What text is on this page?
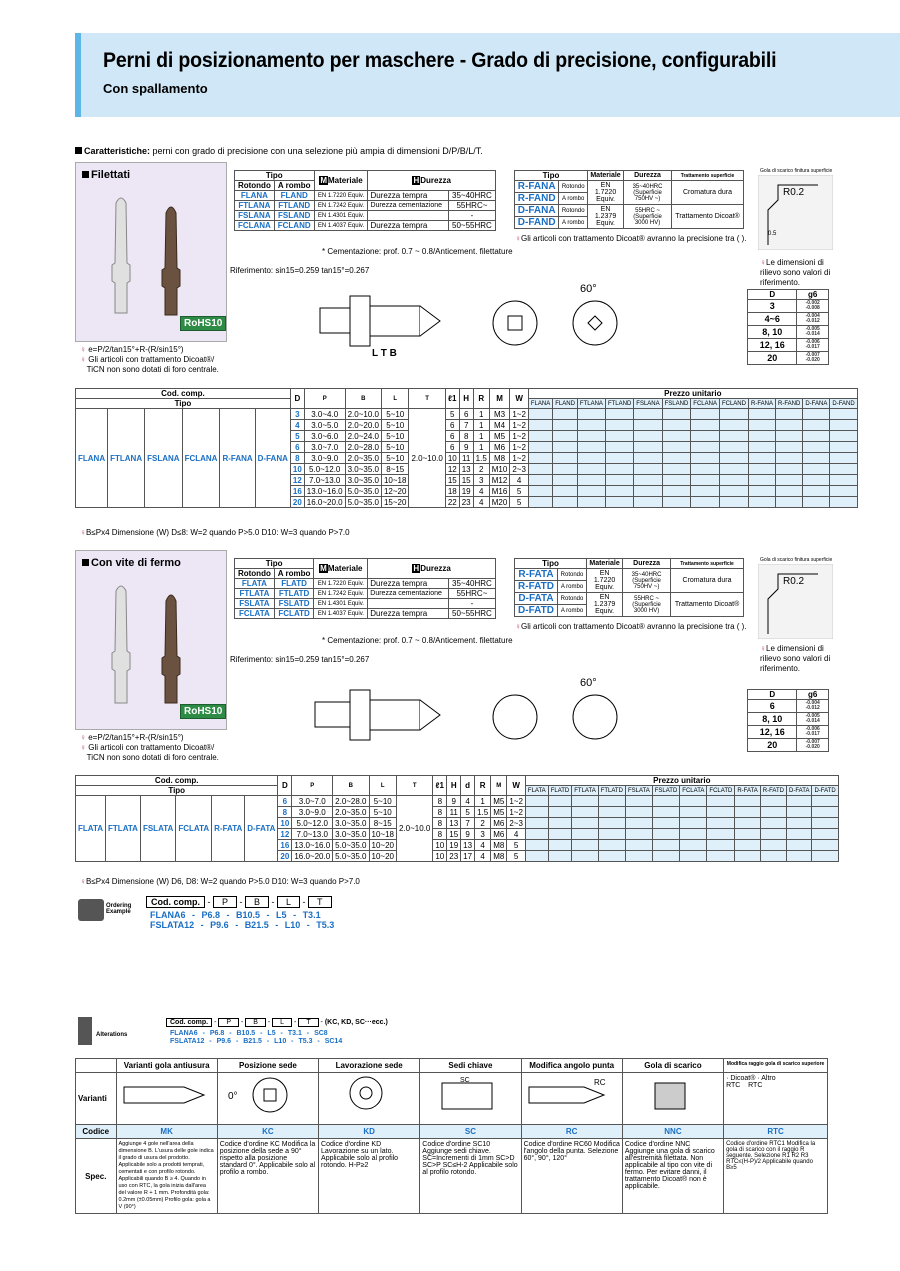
Perni di posizionamento per maschere - Grado di precisione, configurabili
Con spallamento
Caratteristiche: perni con grado di precisione con una selezione più ampia di dimensioni D/P/B/L/T.
Filettati
RoHS10
♀ e=P/2/tan15°+R-(R/sin15°)
♀ Gli articoli con trattamento Dicoat®/
TiCN non sono dotati di foro centrale.
Tipo		MMateriale	HDurezza	
Rotondo	A rombo			
FLANA	FLAND	EN 1.7220 Equiv.	Durezza tempra	35~40HRC
FTLANA	FTLAND	EN 1.7242 Equiv.	Durezza cementazione	55HRC~
FSLANA	FSLAND	EN 1.4301 Equiv.		-
FCLANA	FCLAND	EN 1.4037 Equiv.	Durezza tempra	50~55HRC
* Cementazione: prof. 0.7 ~ 0.8/Anticement. filettature
Tipo		Materiale	Durezza	Trattamento superficie
R-FANA	Rotondo	EN 1.7220 Equiv.	35~40HRC (Superficie 750HV ~)	Cromatura dura
R-FAND	A rombo			
D-FANA	Rotondo	EN 1.2379 Equiv.	55HRC ~ (Superficie 3000 HV)	Trattamento Dicoat®
D-FAND	A rombo			
♀Gli articoli con trattamento Dicoat® avranno la precisione tra ( ).
Gola di scarico finitura superficie
R0.2
0.5
♀Le dimensioni di rilievo sono valori di riferimento.
D	g6
3	-0.002
-0.008

4~6	-0.004
-0.012

8, 10	-0.005
-0.014

12, 16	-0.006
-0.017

20	-0.007
-0.020
Riferimento: sin15=0.259 tan15°=0.267
L T B
60°
Cod. comp.						D	P	B	L	T	ℓ1	H	R	M	W	Prezzo unitario											
Tipo																FLANA	FLAND	FTLANA	FTLAND	FSLANA	FSLAND	FCLANA	FCLAND	R-FANA	R-FAND	D-FANA	D-FAND
FLANA	FTLANA	FSLANA	FCLANA	R-FANA	D-FANA	3	3.0~4.0	2.0~10.0	5~10	2.0~10.0	5	6	1	M3	1~2												
						4	3.0~5.0	2.0~20.0	5~10		6	7	1	M4	1~2												
						5	3.0~6.0	2.0~24.0	5~10		6	8	1	M5	1~2												
						6	3.0~7.0	2.0~28.0	5~10		6	9	1	M6	1~2												
						8	3.0~9.0	2.0~35.0	5~10		10	11	1.5	M8	1~2												
						10	5.0~12.0	3.0~35.0	8~15		12	13	2	M10	2~3												
						12	7.0~13.0	3.0~35.0	10~18		15	15	3	M12	4												
						16	13.0~16.0	5.0~35.0	12~20		18	19	4	M16	5												
						20	16.0~20.0	5.0~35.0	15~20		22	23	4	M20	5												
♀B≤Px4 Dimensione (W) D≤8: W=2 quando P>5.0 D10: W=3 quando P>7.0
Con vite di fermo
RoHS10
♀ e=P/2/tan15°+R-(R/sin15°)
♀ Gli articoli con trattamento Dicoat®/
TiCN non sono dotati di foro centrale.
Tipo		MMateriale	HDurezza	
Rotondo	A rombo			
FLATA	FLATD	EN 1.7220 Equiv.	Durezza tempra	35~40HRC
FTLATA	FTLATD	EN 1.7242 Equiv.	Durezza cementazione	55HRC~
FSLATA	FSLATD	EN 1.4301 Equiv.		-
FCLATA	FCLATD	EN 1.4037 Equiv.	Durezza tempra	50~55HRC
* Cementazione: prof. 0.7 ~ 0.8/Anticement. filettature
Tipo		Materiale	Durezza	Trattamento superficie
R-FATA	Rotondo	EN 1.7220 Equiv.	35~40HRC (Superficie 750HV ~)	Cromatura dura
R-FATD	A rombo			
D-FATA	Rotondo	EN 1.2379 Equiv.	55HRC ~ (Superficie 3000 HV)	Trattamento Dicoat®
D-FATD	A rombo			
♀Gli articoli con trattamento Dicoat® avranno la precisione tra ( ).
Gola di scarico finitura superficie
R0.2
♀Le dimensioni di rilievo sono valori di riferimento.
D	g6
6	-0.004
-0.012

8, 10	-0.005
-0.014

12, 16	-0.006
-0.017

20	-0.007
-0.020
Riferimento: sin15=0.259 tan15°=0.267
60°
Cod. comp.						D	P	B	L	T	ℓ1	H	d	R	M	W	Prezzo unitario											
Tipo																	FLATA	FLATD	FTLATA	FTLATD	FSLATA	FSLATD	FCLATA	FCLATD	R-FATA	R-FATD	D-FATA	D-FATD
FLATA	FTLATA	FSLATA	FCLATA	R-FATA	D-FATA	6	3.0~7.0	2.0~28.0	5~10	2.0~10.0	8	9	4	1	M5	1~2												
						8	3.0~9.0	2.0~35.0	5~10		8	11	5	1.5	M5	1~2												
						10	5.0~12.0	3.0~35.0	8~15		8	13	7	2	M6	2~3												
						12	7.0~13.0	3.0~35.0	10~18		8	15	9	3	M6	4												
						16	13.0~16.0	5.0~35.0	10~20		10	19	13	4	M8	5												
						20	16.0~20.0	5.0~35.0	10~20		10	23	17	4	M8	5												
♀B≤Px4 Dimensione (W) D6, D8: W=2 quando P>5.0 D10: W=3 quando P>7.0
Ordering Example
Cod. comp. - P - B - L - T
FLANA6 - P6.8 - B10.5 - L5 - T3.1
FSLATA12 - P9.6 - B21.5 - L10 - T5.3
Alterations
Cod. comp. - P - B - L - T - (KC, KD, SC···ecc.)
FLANA6 - P6.8 - B10.5 - L5 - T3.1 - SC8
FSLATA12 - P9.6 - B21.5 - L10 - T5.3 - SC14
	Varianti gola antiusura	Posizione sede	Lavorazione sede	Sedi chiave	Modifica angolo punta	Gola di scarico	Modifica raggio gola di scarico superiore
Varianti		0°		SC	RC		· Dicoat® · Altro
RTC    RTC
Codice	MK	KC	KD	SC	RC	NNC	RTC
Spec.	Aggiunge 4 gole nell'area della dimensione B. L'usura delle gole indica il grado di usura del prodotto. Applicabile solo a prodotti temprati, cementati e con profilo rotondo. Applicabili quando B ≥ 4. Quando in uso con RTC, la gola inizia dall'area del valore R + 1 mm. Profondità gola: 0.2mm (±0.05mm) Profilo gola: gola a V (90°)	Codice d'ordine KC Modifica la posizione della sede a 90° rispetto alla posizione standard 0°. Applicabile solo al profilo a rombo.	Codice d'ordine KD Lavorazione su un lato. Applicabile solo al profilo rotondo. H-P≥2	Codice d'ordine SC10 Aggiunge sedi chiave. SC=Incrementi di 1mm SC>D SC>P SC≤H-2 Applicabile solo al profilo rotondo.	Codice d'ordine RC60 Modifica l'angolo della punta. Selezione 60°, 90°, 120°	Codice d'ordine NNC Aggiunge una gola di scarico all'estremità filettata. Non applicabile al tipo con vite di fermo. Per evitare danni, il trattamento Dicoat® non è applicabile.	Codice d'ordine RTC1 Modifica la gola di scarico con il raggio R seguente. Selezione R1 R2 R3 RTC≤(H-P)/2 Applicabile quando B≥5
